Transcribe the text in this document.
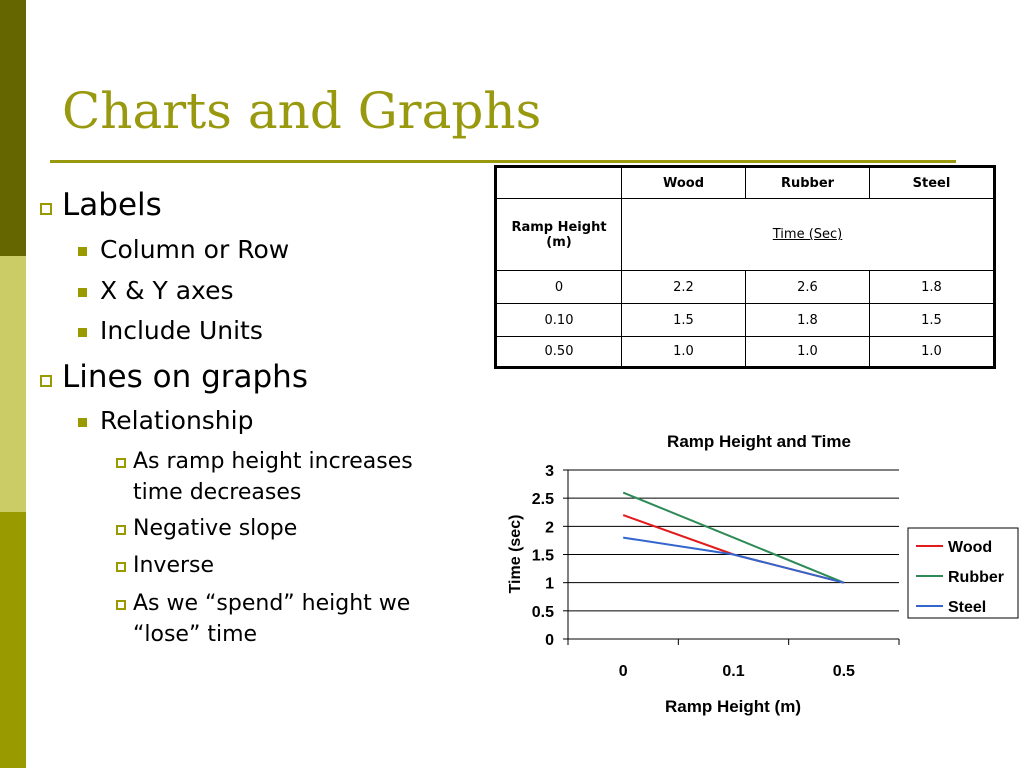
Charts and Graphs
Labels
Column or Row
X & Y axes
Include Units
Lines on graphs
Relationship
As ramp height increases
time decreases
Negative slope
Inverse
As we “spend” height we
“lose” time
	Wood	Rubber	Steel
Ramp Height (m)	Time (Sec)		
0	2.2	2.6	1.8
0.10	1.5	1.8	1.5
0.50	1.0	1.0	1.0
Ramp Height and Time
Ramp Height (m)
Time (sec)
0
0.5
1
1.5
2
2.5
3
0	0.1	0.5
Wood
Rubber
Steel
